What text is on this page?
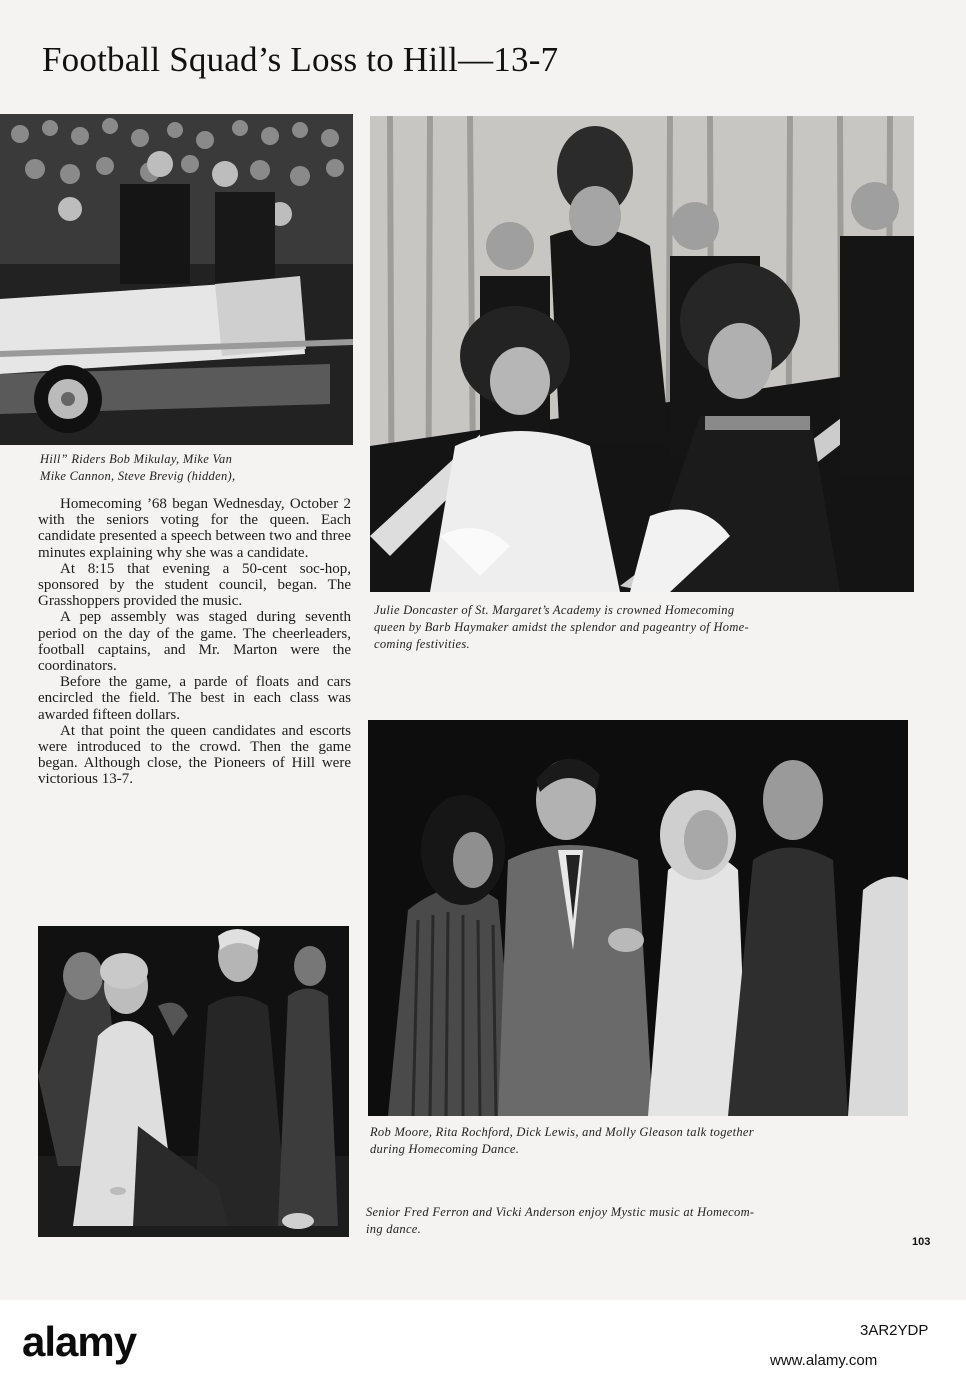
Football Squad’s Loss to Hill—13-7
Hill” Riders Bob Mikulay, Mike Van
Mike Cannon, Steve Brevig (hidden),
Julie Doncaster of St. Margaret’s Academy is crowned Homecoming
queen by Barb Haymaker amidst the splendor and pageantry of Home-
coming festivities.

Homecoming ’68 began Wednesday, October 2 with the seniors voting for the queen. Each candidate presented a speech between two and three minutes explaining why she was a candidate.

At 8:15 that evening a 50-cent soc-hop, sponsored by the student council, began. The Grasshoppers provided the music.

A pep assembly was staged during seventh period on the day of the game. The cheerleaders, football captains, and Mr. Marton were the coordinators.

Before the game, a parde of floats and cars encircled the field. The best in each class was awarded fifteen dollars.

At that point the queen candidates and escorts were introduced to the crowd. Then the game began. Although close, the Pioneers of Hill were victorious 13-7.

Rob Moore, Rita Rochford, Dick Lewis, and Molly Gleason talk together
during Homecoming Dance.
Senior Fred Ferron and Vicki Anderson enjoy Mystic music at Homecom-
ing dance.
103
alamy	3AR2YDP
www.alamy.com
